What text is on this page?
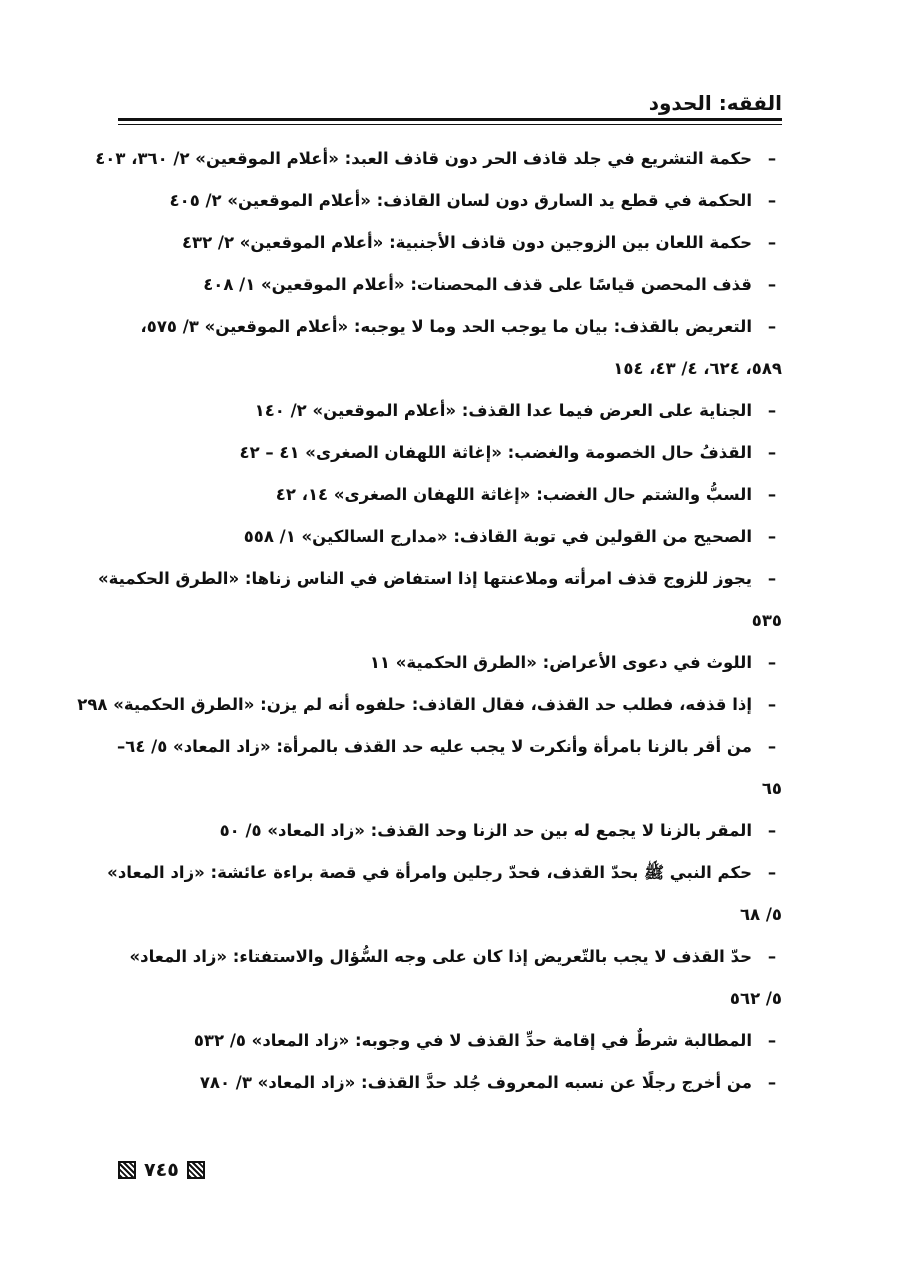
الفقه: الحدود
–
حكمة التشريع في جلد قاذف الحر دون قاذف العبد: «أعلام الموقعين» ٢/ ٣٦٠، ٤٠٣
–
الحكمة في قطع يد السارق دون لسان القاذف: «أعلام الموقعين» ٢/ ٤٠٥
–
حكمة اللعان بين الزوجين دون قاذف الأجنبية: «أعلام الموقعين» ٢/ ٤٣٢
–
قذف المحصن قياسًا على قذف المحصنات: «أعلام الموقعين» ١/ ٤٠٨
–
التعريض بالقذف: بيان ما يوجب الحد وما لا يوجبه: «أعلام الموقعين» ٣/ ٥٧٥،
٥٨٩، ٦٢٤، ٤/ ٤٣، ١٥٤
–
الجناية على العرض فيما عدا القذف: «أعلام الموقعين» ٢/ ١٤٠
–
القذفُ حال الخصومة والغضب: «إغاثة اللهفان الصغرى» ٤١ – ٤٢
–
السبُّ والشتم حال الغضب: «إغاثة اللهفان الصغرى» ١٤، ٤٢
–
الصحيح من القولين في توبة القاذف: «مدارج السالكين» ١/ ٥٥٨
–
يجوز للزوج قذف امرأته وملاعنتها إذا استفاض في الناس زناها: «الطرق الحكمية»
٥٣٥
–
اللوث في دعوى الأعراض: «الطرق الحكمية» ١١
–
إذا قذفه، فطلب حد القذف، فقال القاذف: حلفوه أنه لم يزن: «الطرق الحكمية» ٢٩٨
–
من أقر بالزنا بامرأة وأنكرت لا يجب عليه حد القذف بالمرأة: «زاد المعاد» ٥/ ٦٤–
٦٥
–
المقر بالزنا لا يجمع له بين حد الزنا وحد القذف: «زاد المعاد» ٥/ ٥٠
–
حكم النبي ﷺ بحدّ القذف، فحدّ رجلين وامرأة في قصة براءة عائشة: «زاد المعاد»
٥/ ٦٨
–
حدّ القذف لا يجب بالتّعريض إذا كان على وجه السُّؤال والاستفتاء: «زاد المعاد»
٥/ ٥٦٢
–
المطالبة شرطٌ في إقامة حدِّ القذف لا في وجوبه: «زاد المعاد» ٥/ ٥٣٢
–
من أخرج رجلًا عن نسبه المعروف جُلد حدَّ القذف: «زاد المعاد» ٣/ ٧٨٠
٧٤٥
